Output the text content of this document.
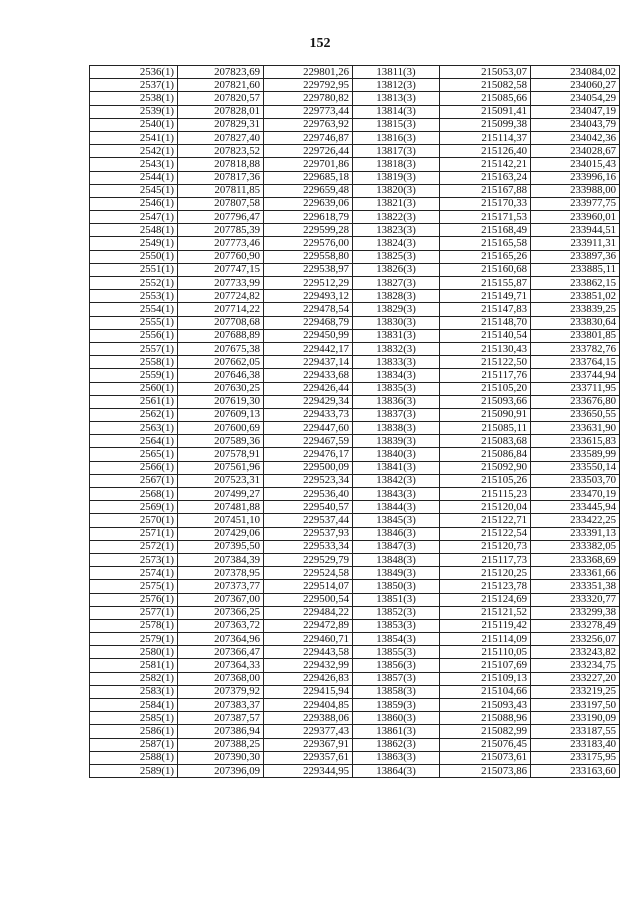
152
2536(1)	207823,69	229801,26	13811(3)	215053,07	234084,02
2537(1)	207821,60	229792,95	13812(3)	215082,58	234060,27
2538(1)	207820,57	229780,82	13813(3)	215085,66	234054,29
2539(1)	207828,01	229773,44	13814(3)	215091,41	234047,19
2540(1)	207829,31	229763,92	13815(3)	215099,38	234043,79
2541(1)	207827,40	229746,87	13816(3)	215114,37	234042,36
2542(1)	207823,52	229726,44	13817(3)	215126,40	234028,67
2543(1)	207818,88	229701,86	13818(3)	215142,21	234015,43
2544(1)	207817,36	229685,18	13819(3)	215163,24	233996,16
2545(1)	207811,85	229659,48	13820(3)	215167,88	233988,00
2546(1)	207807,58	229639,06	13821(3)	215170,33	233977,75
2547(1)	207796,47	229618,79	13822(3)	215171,53	233960,01
2548(1)	207785,39	229599,28	13823(3)	215168,49	233944,51
2549(1)	207773,46	229576,00	13824(3)	215165,58	233911,31
2550(1)	207760,90	229558,80	13825(3)	215165,26	233897,36
2551(1)	207747,15	229538,97	13826(3)	215160,68	233885,11
2552(1)	207733,99	229512,29	13827(3)	215155,87	233862,15
2553(1)	207724,82	229493,12	13828(3)	215149,71	233851,02
2554(1)	207714,22	229478,54	13829(3)	215147,83	233839,25
2555(1)	207708,68	229468,79	13830(3)	215148,70	233830,64
2556(1)	207688,89	229450,99	13831(3)	215140,54	233801,85
2557(1)	207675,38	229442,17	13832(3)	215130,43	233782,76
2558(1)	207662,05	229437,14	13833(3)	215122,50	233764,15
2559(1)	207646,38	229433,68	13834(3)	215117,76	233744,94
2560(1)	207630,25	229426,44	13835(3)	215105,20	233711,95
2561(1)	207619,30	229429,34	13836(3)	215093,66	233676,80
2562(1)	207609,13	229433,73	13837(3)	215090,91	233650,55
2563(1)	207600,69	229447,60	13838(3)	215085,11	233631,90
2564(1)	207589,36	229467,59	13839(3)	215083,68	233615,83
2565(1)	207578,91	229476,17	13840(3)	215086,84	233589,99
2566(1)	207561,96	229500,09	13841(3)	215092,90	233550,14
2567(1)	207523,31	229523,34	13842(3)	215105,26	233503,70
2568(1)	207499,27	229536,40	13843(3)	215115,23	233470,19
2569(1)	207481,88	229540,57	13844(3)	215120,04	233445,94
2570(1)	207451,10	229537,44	13845(3)	215122,71	233422,25
2571(1)	207429,06	229537,93	13846(3)	215122,54	233391,13
2572(1)	207395,50	229533,34	13847(3)	215120,73	233382,05
2573(1)	207384,39	229529,79	13848(3)	215117,73	233368,69
2574(1)	207378,95	229524,58	13849(3)	215120,25	233361,66
2575(1)	207373,77	229514,07	13850(3)	215123,78	233351,38
2576(1)	207367,00	229500,54	13851(3)	215124,69	233320,77
2577(1)	207366,25	229484,22	13852(3)	215121,52	233299,38
2578(1)	207363,72	229472,89	13853(3)	215119,42	233278,49
2579(1)	207364,96	229460,71	13854(3)	215114,09	233256,07
2580(1)	207366,47	229443,58	13855(3)	215110,05	233243,82
2581(1)	207364,33	229432,99	13856(3)	215107,69	233234,75
2582(1)	207368,00	229426,83	13857(3)	215109,13	233227,20
2583(1)	207379,92	229415,94	13858(3)	215104,66	233219,25
2584(1)	207383,37	229404,85	13859(3)	215093,43	233197,50
2585(1)	207387,57	229388,06	13860(3)	215088,96	233190,09
2586(1)	207386,94	229377,43	13861(3)	215082,99	233187,55
2587(1)	207388,25	229367,91	13862(3)	215076,45	233183,40
2588(1)	207390,30	229357,61	13863(3)	215073,61	233175,95
2589(1)	207396,09	229344,95	13864(3)	215073,86	233163,60
